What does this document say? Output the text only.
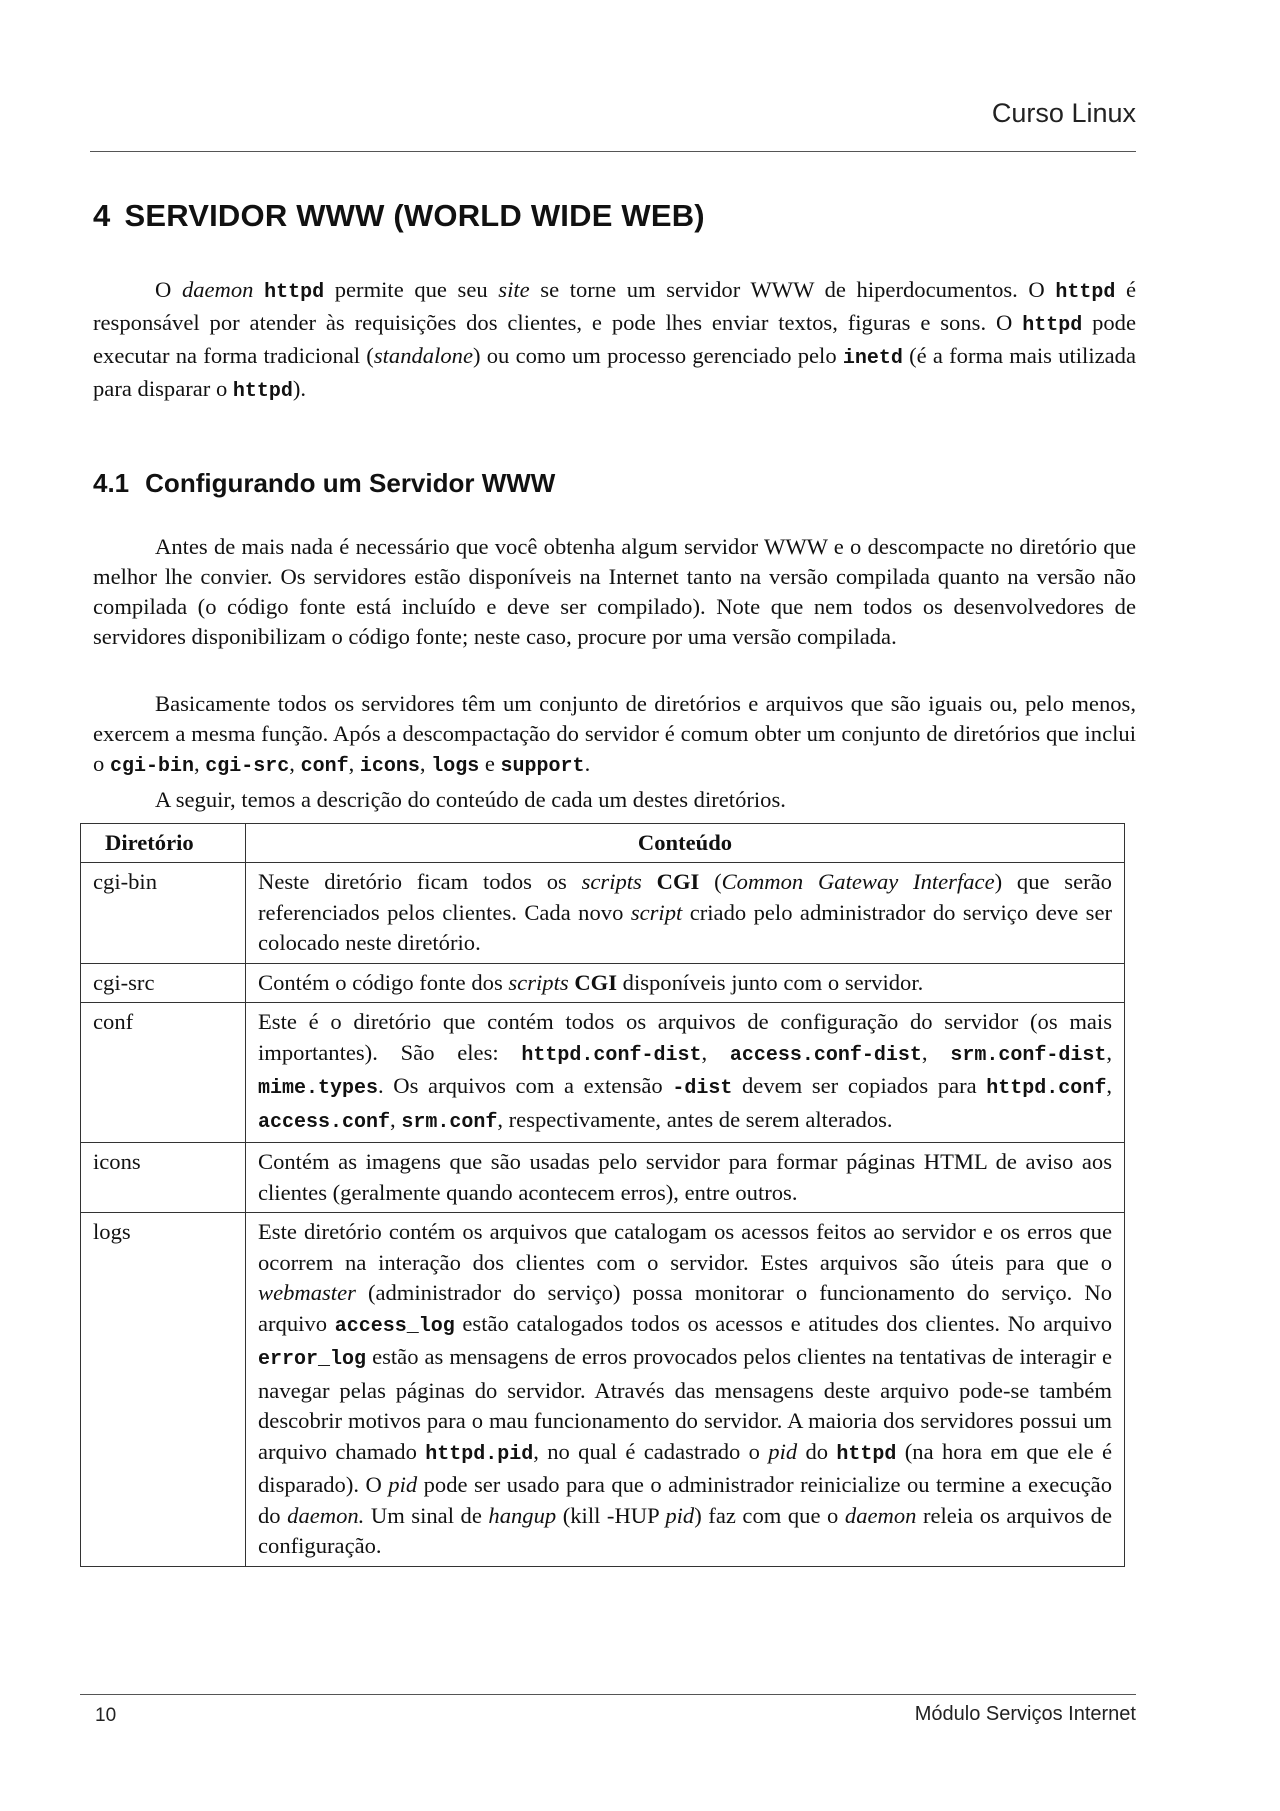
Curso Linux
4 SERVIDOR WWW (WORLD WIDE WEB)

O daemon httpd permite que seu site se torne um servidor WWW de hiperdocumentos. O httpd é responsável por atender às requisições dos clientes, e pode lhes enviar textos, figuras e sons. O httpd pode executar na forma tradicional (standalone) ou como um processo gerenciado pelo inetd (é a forma mais utilizada para disparar o httpd).

4.1 Configurando um Servidor WWW

Antes de mais nada é necessário que você obtenha algum servidor WWW e o descompacte no diretório que melhor lhe convier. Os servidores estão disponíveis na Internet tanto na versão compilada quanto na versão não compilada (o código fonte está incluído e deve ser compilado). Note que nem todos os desenvolvedores de servidores disponibilizam o código fonte; neste caso, procure por uma versão compilada.

Basicamente todos os servidores têm um conjunto de diretórios e arquivos que são iguais ou, pelo menos, exercem a mesma função. Após a descompactação do servidor é comum obter um conjunto de diretórios que inclui o cgi-bin, cgi-src, conf, icons, logs e support.

A seguir, temos a descrição do conteúdo de cada um destes diretórios.

Diretório	Conteúdo
cgi-bin	Neste diretório ficam todos os scripts CGI (Common Gateway Interface) que serão referenciados pelos clientes. Cada novo script criado pelo administrador do serviço deve ser colocado neste diretório.
cgi-src	Contém o código fonte dos scripts CGI disponíveis junto com o servidor.
conf	Este é o diretório que contém todos os arquivos de configuração do servidor (os mais importantes). São eles: httpd.conf-dist, access.conf-dist, srm.conf-dist, mime.types. Os arquivos com a extensão -dist devem ser copiados para httpd.conf, access.conf, srm.conf, respectivamente, antes de serem alterados.
icons	Contém as imagens que são usadas pelo servidor para formar páginas HTML de aviso aos clientes (geralmente quando acontecem erros), entre outros.
logs	Este diretório contém os arquivos que catalogam os acessos feitos ao servidor e os erros que ocorrem na interação dos clientes com o servidor. Estes arquivos são úteis para que o webmaster (administrador do serviço) possa monitorar o funcionamento do serviço. No arquivo access_log estão catalogados todos os acessos e atitudes dos clientes. No arquivo error_log estão as mensagens de erros provocados pelos clientes na tentativas de interagir e navegar pelas páginas do servidor. Através das mensagens deste arquivo pode-se também descobrir motivos para o mau funcionamento do servidor. A maioria dos servidores possui um arquivo chamado httpd.pid, no qual é cadastrado o pid do httpd (na hora em que ele é disparado). O pid pode ser usado para que o administrador reinicialize ou termine a execução do daemon. Um sinal de hangup (kill -HUP pid) faz com que o daemon releia os arquivos de configuração.
10	Módulo Serviços Internet
